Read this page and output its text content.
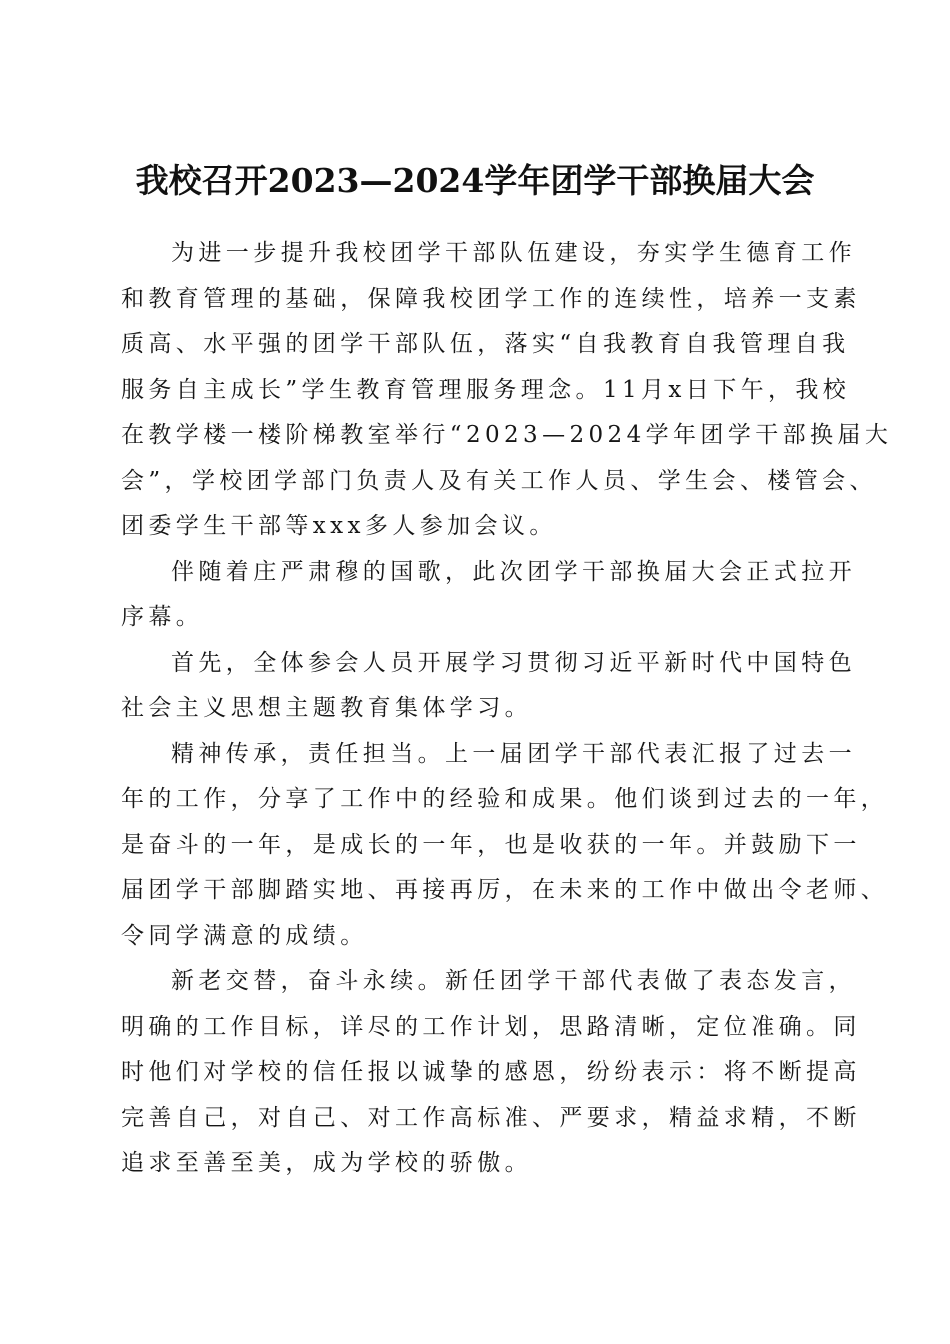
我校召开2023—2024学年团学干部换届大会

为进一步提升我校团学干部队伍建设，夯实学生德育工作
和教育管理的基础，保障我校团学工作的连续性，培养一支素
质高、水平强的团学干部队伍，落实“自我教育自我管理自我
服务自主成长”学生教育管理服务理念。11月x日下午，我校
在教学楼一楼阶梯教室举行“2023—2024学年团学干部换届大
会”，学校团学部门负责人及有关工作人员、学生会、楼管会、
团委学生干部等xxx多人参加会议。

伴随着庄严肃穆的国歌，此次团学干部换届大会正式拉开
序幕。

首先，全体参会人员开展学习贯彻习近平新时代中国特色
社会主义思想主题教育集体学习。

精神传承，责任担当。上一届团学干部代表汇报了过去一
年的工作，分享了工作中的经验和成果。他们谈到过去的一年，
是奋斗的一年，是成长的一年，也是收获的一年。并鼓励下一
届团学干部脚踏实地、再接再厉，在未来的工作中做出令老师、
令同学满意的成绩。

新老交替，奋斗永续。新任团学干部代表做了表态发言，
明确的工作目标，详尽的工作计划，思路清晰，定位准确。同
时他们对学校的信任报以诚挚的感恩，纷纷表示：将不断提高
完善自己，对自己、对工作高标准、严要求，精益求精，不断
追求至善至美，成为学校的骄傲。
